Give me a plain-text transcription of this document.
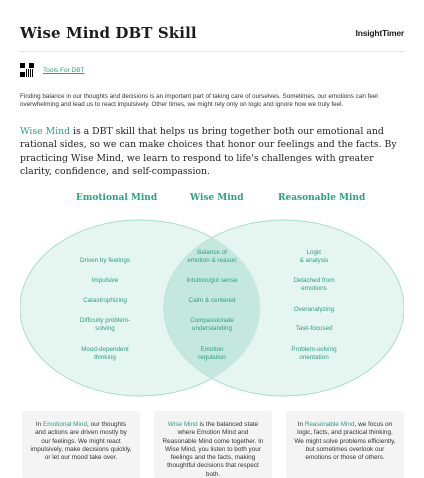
Wise Mind DBT Skill	InsightTimer
Tools For DBT

Finding balance in our thoughts and decisions is an important part of taking care of ourselves. Sometimes, our emotions can feel overwhelming and lead us to react impulsively. Other times, we might rely only on logic and ignore how we truly feel.

Wise Mind is a DBT skill that helps us bring together both our emotional and rational sides, so we can make choices that honor our feelings and the facts. By practicing Wise Mind, we learn to respond to life's challenges with greater clarity, confidence, and self-compassion.

Emotional Mind	Wise Mind	Reasonable Mind
Driven by feelings
Impulsive
Catastrophizing
Difficulty problem-
solving
Mood-dependent
thinking
Balance of
emotion & reason
Intuition/gut sense
Calm & centered
Compassionate
understanding
Emotion
regulation
Logic
& analysis
Detached from
emotions
Overanalyzing
Task-focused
Problem-solving
orientation
In Emotional Mind, our thoughts and actions are driven mostly by our feelings. We might react impulsively, make decisions quickly, or let our mood take over.
Wise Mind is the balanced state where Emotion Mind and Reasonable Mind come together. In Wise Mind, you listen to both your feelings and the facts, making thoughtful decisions that respect both.
In Reasonable Mind, we focus on logic, facts, and practical thinking. We might solve problems efficiently, but sometimes overlook our emotions or those of others.
